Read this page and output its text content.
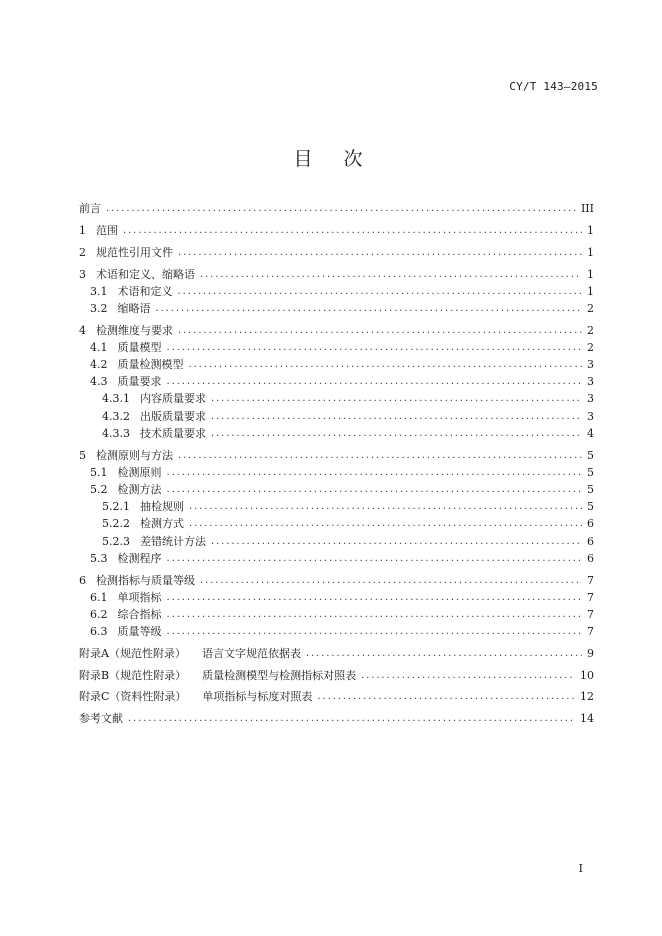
CY/T 143—2015
目　次
前言 .....	III
1 范围 .....	1
2 规范性引用文件 .....	1
3 术语和定义、缩略语 .....	1
3.1 术语和定义 .....	1
3.2 缩略语 .....	2
4 检测维度与要求 .....	2
4.1 质量模型 .....	2
4.2 质量检测模型 .....	3
4.3 质量要求 .....	3
4.3.1 内容质量要求 .....	3
4.3.2 出版质量要求 .....	3
4.3.3 技术质量要求 .....	4
5 检测原则与方法 .....	5
5.1 检测原则 .....	5
5.2 检测方法 .....	5
5.2.1 抽检规则 .....	5
5.2.2 检测方式 .....	6
5.2.3 差错统计方法 .....	6
5.3 检测程序 .....	6
6 检测指标与质量等级 .....	7
6.1 单项指标 .....	7
6.2 综合指标 .....	7
6.3 质量等级 .....	7
附录A（规范性附录） 语言文字规范依据表 .....	9
附录B（规范性附录） 质量检测模型与检测指标对照表 .....	10
附录C（资料性附录） 单项指标与标度对照表 .....	12
参考文献 .....	14
I
